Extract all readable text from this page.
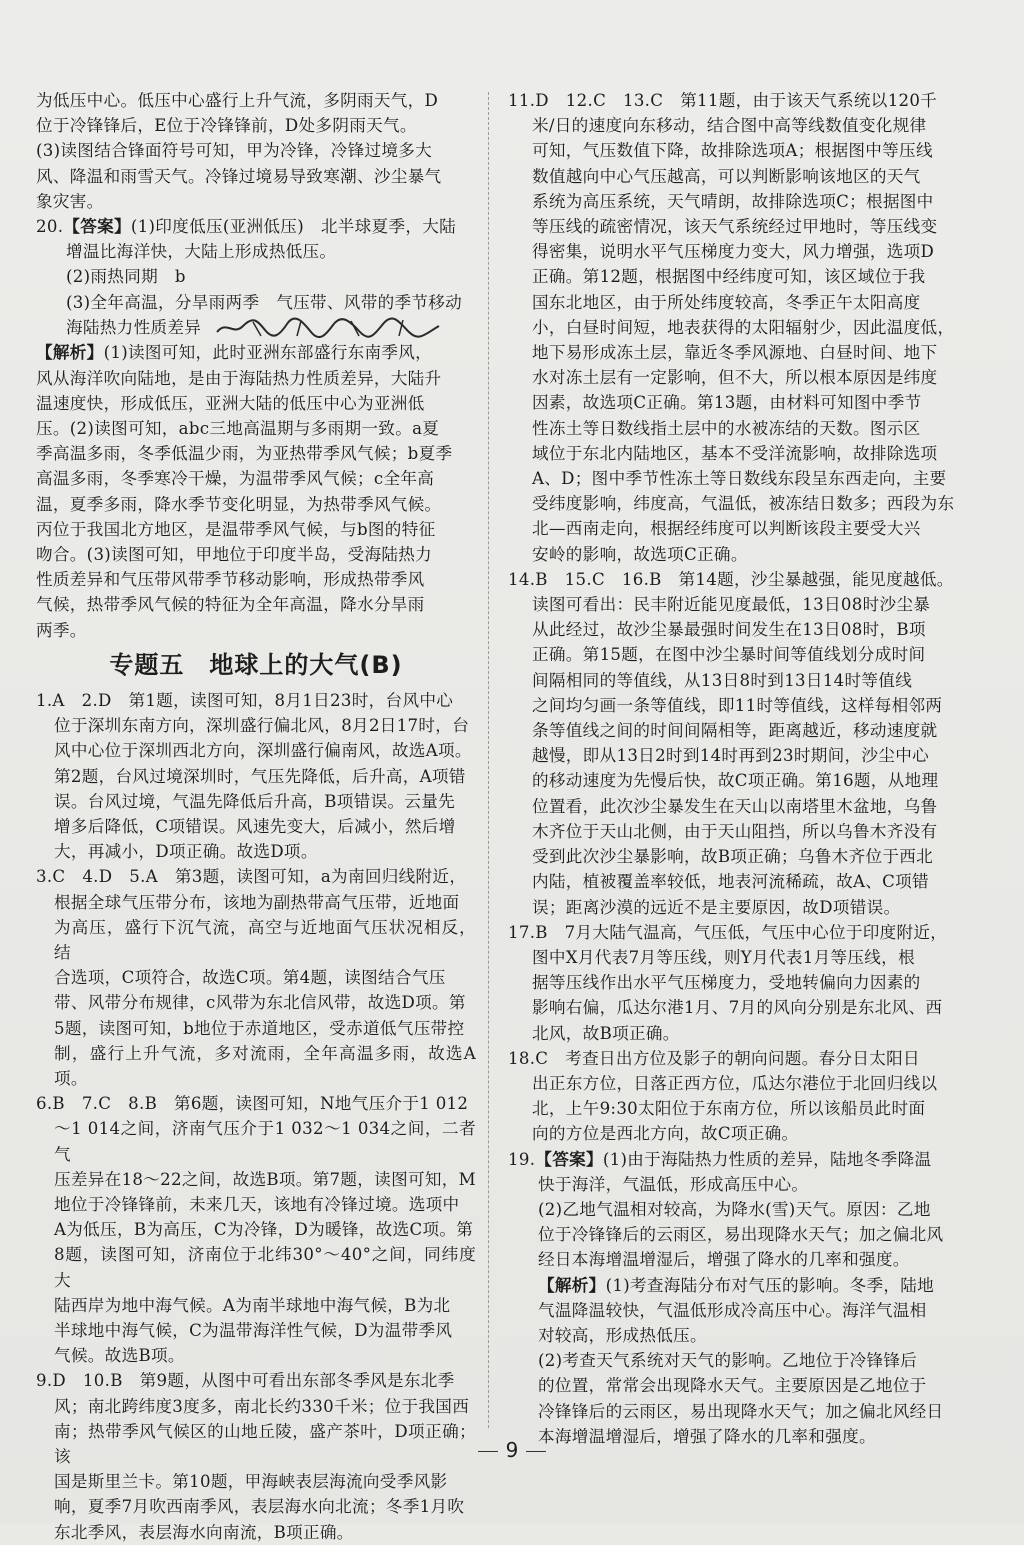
为低压中心。低压中心盛行上升气流，多阴雨天气，D

位于冷锋锋后，E位于冷锋锋前，D处多阴雨天气。

(3)读图结合锋面符号可知，甲为冷锋，冷锋过境多大

风、降温和雨雪天气。冷锋过境易导致寒潮、沙尘暴气

象灾害。

20.【答案】(1)印度低压(亚洲低压)　北半球夏季，大陆
增温比海洋快，大陆上形成热低压。

(2)雨热同期　b

(3)全年高温，分旱雨两季　气压带、风带的季节移动
海陆热力性质差异

【解析】(1)读图可知，此时亚洲东部盛行东南季风，

风从海洋吹向陆地，是由于海陆热力性质差异，大陆升

温速度快，形成低压，亚洲大陆的低压中心为亚洲低

压。(2)读图可知，abc三地高温期与多雨期一致。a夏

季高温多雨，冬季低温少雨，为亚热带季风气候；b夏季

高温多雨，冬季寒冷干燥，为温带季风气候；c全年高

温，夏季多雨，降水季节变化明显，为热带季风气候。

丙位于我国北方地区，是温带季风气候，与b图的特征

吻合。(3)读图可知，甲地位于印度半岛，受海陆热力

性质差异和气压带风带季节移动影响，形成热带季风

气候，热带季风气候的特征为全年高温，降水分旱雨

两季。

专题五　地球上的大气(B)

1.A　2.D　第1题，读图可知，8月1日23时，台风中心

位于深圳东南方向，深圳盛行偏北风，8月2日17时，台

风中心位于深圳西北方向，深圳盛行偏南风，故选A项。

第2题，台风过境深圳时，气压先降低，后升高，A项错

误。台风过境，气温先降低后升高，B项错误。云量先

增多后降低，C项错误。风速先变大，后减小，然后增

大，再减小，D项正确。故选D项。

3.C　4.D　5.A　第3题，读图可知，a为南回归线附近，

根据全球气压带分布，该地为副热带高气压带，近地面

为高压，盛行下沉气流，高空与近地面气压状况相反，结

合选项，C项符合，故选C项。第4题，读图结合气压

带、风带分布规律，c风带为东北信风带，故选D项。第

5题，读图可知，b地位于赤道地区，受赤道低气压带控

制，盛行上升气流，多对流雨，全年高温多雨，故选A项。

6.B　7.C　8.B　第6题，读图可知，N地气压介于1 012

～1 014之间，济南气压介于1 032～1 034之间，二者气

压差异在18～22之间，故选B项。第7题，读图可知，M

地位于冷锋锋前，未来几天，该地有冷锋过境。选项中

A为低压，B为高压，C为冷锋，D为暖锋，故选C项。第

8题，读图可知，济南位于北纬30°～40°之间，同纬度大

陆西岸为地中海气候。A为南半球地中海气候，B为北

半球地中海气候，C为温带海洋性气候，D为温带季风

气候。故选B项。

9.D　10.B　第9题，从图中可看出东部冬季风是东北季

风；南北跨纬度3度多，南北长约330千米；位于我国西

南；热带季风气候区的山地丘陵，盛产茶叶，D项正确；该

国是斯里兰卡。第10题，甲海峡表层海流向受季风影

响，夏季7月吹西南季风，表层海水向北流；冬季1月吹

东北季风，表层海水向南流，B项正确。

11.D　12.C　13.C　第11题，由于该天气系统以120千

米/日的速度向东移动，结合图中高等线数值变化规律

可知，气压数值下降，故排除选项A；根据图中等压线

数值越向中心气压越高，可以判断影响该地区的天气

系统为高压系统，天气晴朗，故排除选项C；根据图中

等压线的疏密情况，该天气系统经过甲地时，等压线变

得密集，说明水平气压梯度力变大，风力增强，选项D

正确。第12题，根据图中经纬度可知，该区域位于我

国东北地区，由于所处纬度较高，冬季正午太阳高度

小，白昼时间短，地表获得的太阳辐射少，因此温度低，

地下易形成冻土层，靠近冬季风源地、白昼时间、地下

水对冻土层有一定影响，但不大，所以根本原因是纬度

因素，故选项C正确。第13题，由材料可知图中季节

性冻土等日数线指土层中的水被冻结的天数。图示区

域位于东北内陆地区，基本不受洋流影响，故排除选项

A、D；图中季节性冻土等日数线东段呈东西走向，主要

受纬度影响，纬度高，气温低，被冻结日数多；西段为东

北—西南走向，根据经纬度可以判断该段主要受大兴

安岭的影响，故选项C正确。

14.B　15.C　16.B　第14题，沙尘暴越强，能见度越低。

读图可看出：民丰附近能见度最低，13日08时沙尘暴

从此经过，故沙尘暴最强时间发生在13日08时，B项

正确。第15题，在图中沙尘暴时间等值线划分成时间

间隔相同的等值线，从13日8时到13日14时等值线

之间均匀画一条等值线，即11时等值线，这样每相邻两

条等值线之间的时间间隔相等，距离越近，移动速度就

越慢，即从13日2时到14时再到23时期间，沙尘中心

的移动速度为先慢后快，故C项正确。第16题，从地理

位置看，此次沙尘暴发生在天山以南塔里木盆地，乌鲁

木齐位于天山北侧，由于天山阻挡，所以乌鲁木齐没有

受到此次沙尘暴影响，故B项正确；乌鲁木齐位于西北

内陆，植被覆盖率较低，地表河流稀疏，故A、C项错

误；距离沙漠的远近不是主要原因，故D项错误。

17.B　7月大陆气温高，气压低，气压中心位于印度附近，

图中X月代表7月等压线，则Y月代表1月等压线，根

据等压线作出水平气压梯度力，受地转偏向力因素的

影响右偏，瓜达尔港1月、7月的风向分别是东北风、西

北风，故B项正确。

18.C　考查日出方位及影子的朝向问题。春分日太阳日

出正东方位，日落正西方位，瓜达尔港位于北回归线以

北，上午9:30太阳位于东南方位，所以该船员此时面

向的方位是西北方向，故C项正确。

19.【答案】(1)由于海陆热力性质的差异，陆地冬季降温
快于海洋，气温低，形成高压中心。

(2)乙地气温相对较高，为降水(雪)天气。原因：乙地

位于冷锋锋后的云雨区，易出现降水天气；加之偏北风

经日本海增温增湿后，增强了降水的几率和强度。

【解析】(1)考查海陆分布对气压的影响。冬季，陆地

气温降温较快，气温低形成冷高压中心。海洋气温相

对较高，形成热低压。

(2)考查天气系统对天气的影响。乙地位于冷锋锋后

的位置，常常会出现降水天气。主要原因是乙地位于

冷锋锋后的云雨区，易出现降水天气；加之偏北风经日

本海增温增湿后，增强了降水的几率和强度。

9
